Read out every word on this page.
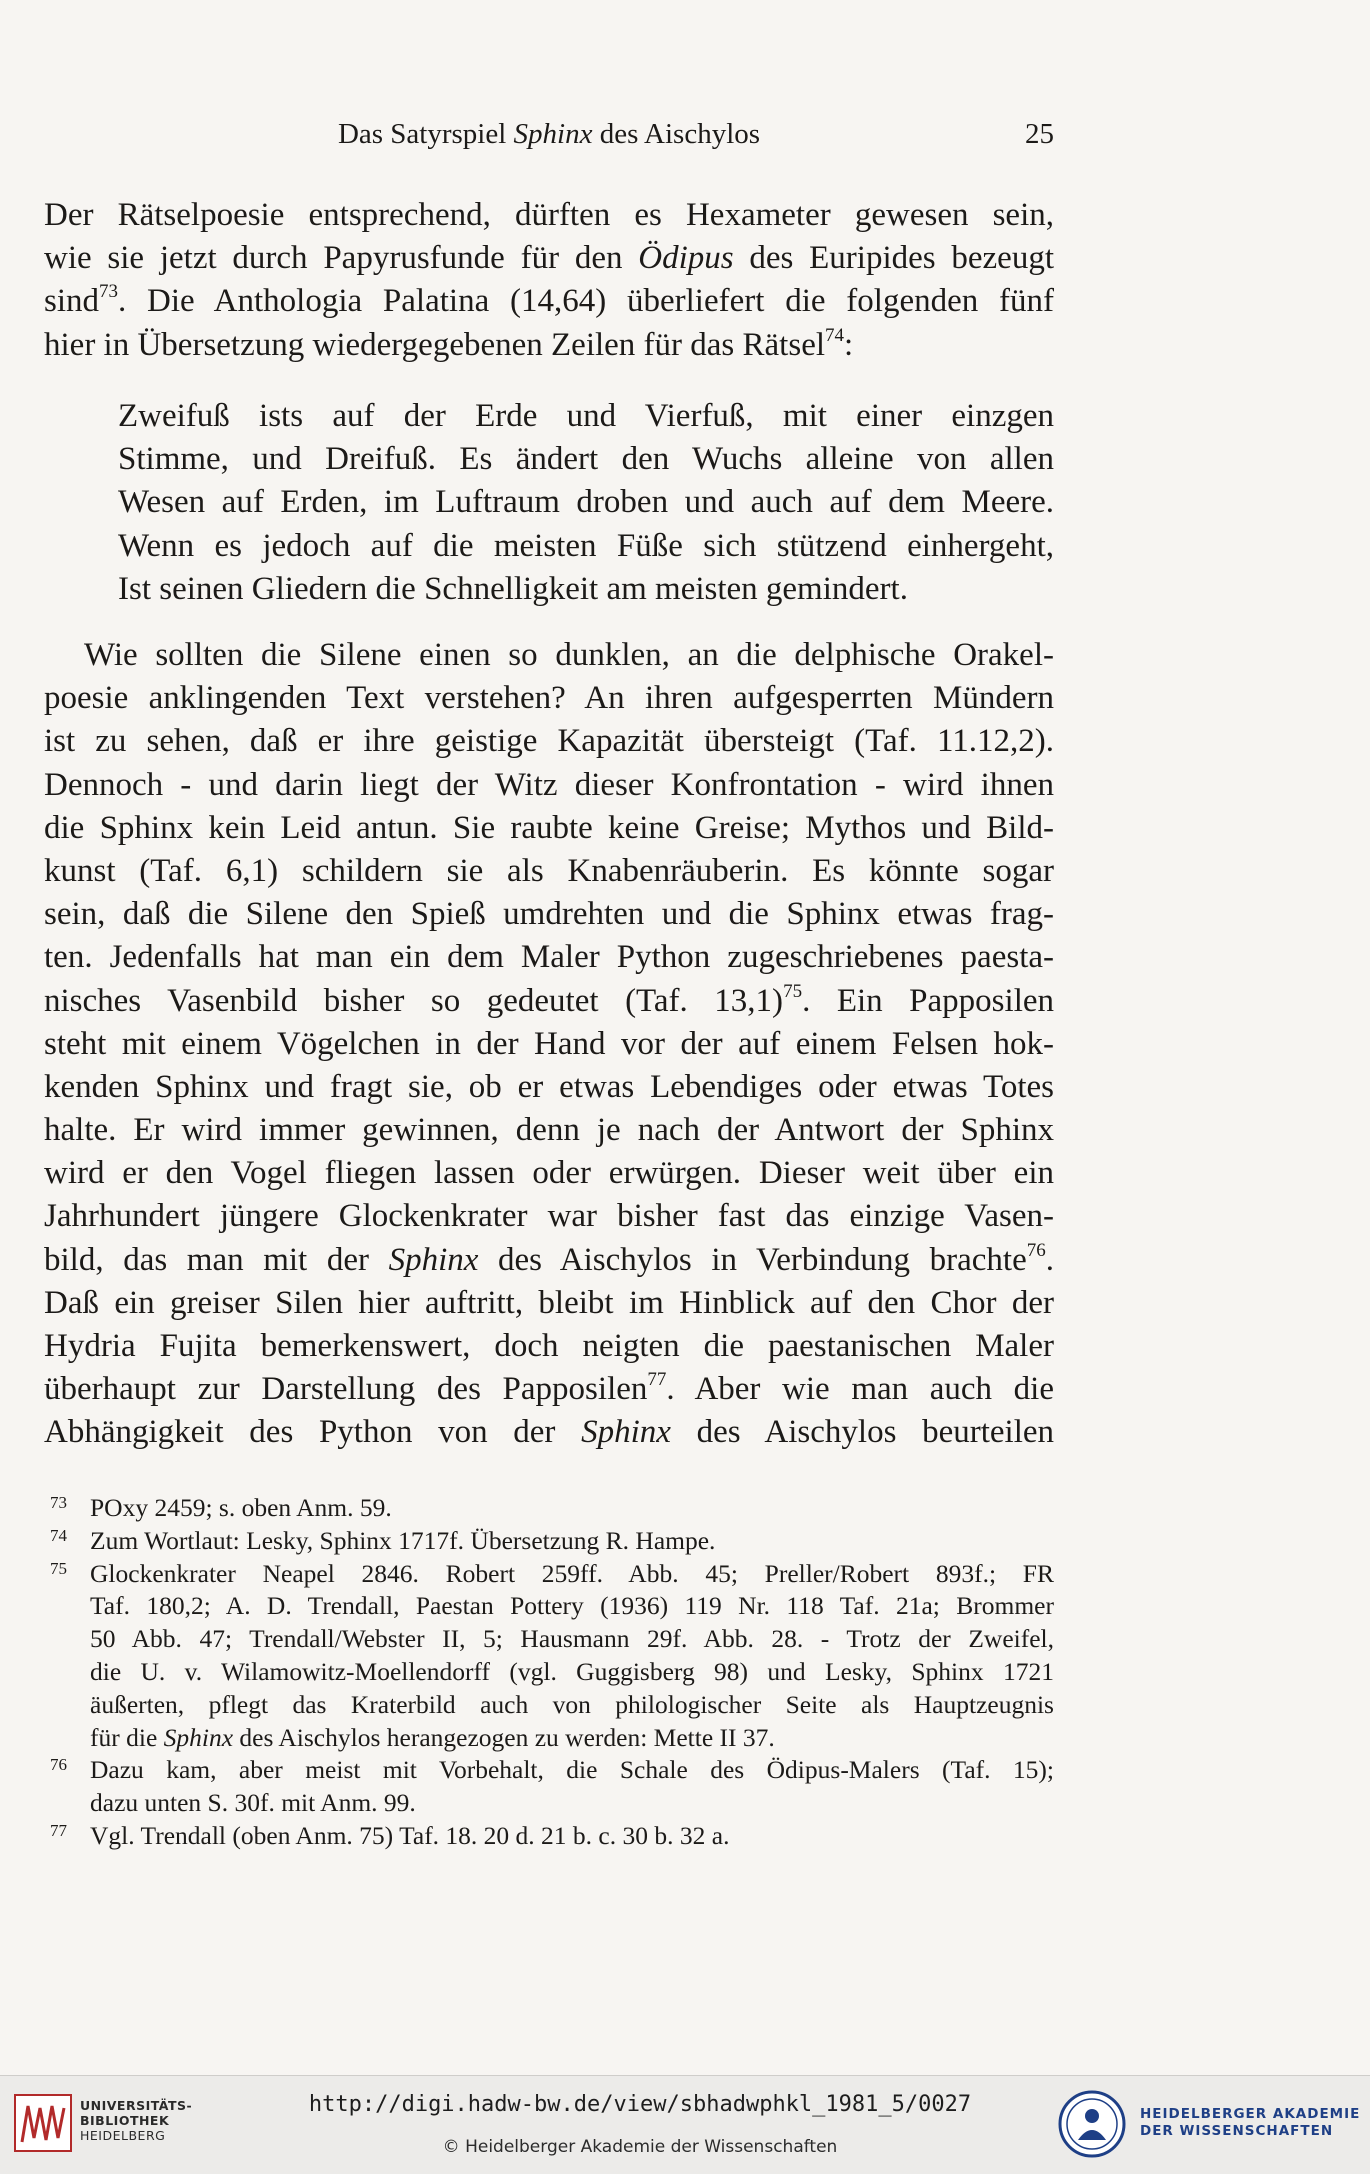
Das Satyrspiel Sphinx des Aischylos	25
Der Rätselpoesie entsprechend, dürften es Hexameter gewesen sein,
wie sie jetzt durch Papyrusfunde für den Ödipus des Euripides bezeugt
sind$^{73}$. Die Anthologia Palatina (14,64) überliefert die folgenden fünf
hier in Übersetzung wiedergegebenen Zeilen für das Rätsel$^{74}$:
Zweifuß ists auf der Erde und Vierfuß, mit einer einzgen
Stimme, und Dreifuß. Es ändert den Wuchs alleine von allen
Wesen auf Erden, im Luftraum droben und auch auf dem Meere.
Wenn es jedoch auf die meisten Füße sich stützend einhergeht,
Ist seinen Gliedern die Schnelligkeit am meisten gemindert.
Wie sollten die Silene einen so dunklen, an die delphische Orakel-
poesie anklingenden Text verstehen? An ihren aufgesperrten Mündern
ist zu sehen, daß er ihre geistige Kapazität übersteigt (Taf. 11.12,2).
Dennoch - und darin liegt der Witz dieser Konfrontation - wird ihnen
die Sphinx kein Leid antun. Sie raubte keine Greise; Mythos und Bild-
kunst (Taf. 6,1) schildern sie als Knabenräuberin. Es könnte sogar
sein, daß die Silene den Spieß umdrehten und die Sphinx etwas frag-
ten. Jedenfalls hat man ein dem Maler Python zugeschriebenes paesta-
nisches Vasenbild bisher so gedeutet (Taf. 13,1)$^{75}$. Ein Papposilen
steht mit einem Vögelchen in der Hand vor der auf einem Felsen hok-
kenden Sphinx und fragt sie, ob er etwas Lebendiges oder etwas Totes
halte. Er wird immer gewinnen, denn je nach der Antwort der Sphinx
wird er den Vogel fliegen lassen oder erwürgen. Dieser weit über ein
Jahrhundert jüngere Glockenkrater war bisher fast das einzige Vasen-
bild, das man mit der Sphinx des Aischylos in Verbindung brachte$^{76}$.
Daß ein greiser Silen hier auftritt, bleibt im Hinblick auf den Chor der
Hydria Fujita bemerkenswert, doch neigten die paestanischen Maler
überhaupt zur Darstellung des Papposilen$^{77}$. Aber wie man auch die
Abhängigkeit des Python von der Sphinx des Aischylos beurteilen
73 POxy 2459; s. oben Anm. 59.
74 Zum Wortlaut: Lesky, Sphinx 1717f. Übersetzung R. Hampe.
75 Glockenkrater Neapel 2846. Robert 259ff. Abb. 45; Preller/Robert 893f.; FR
Taf. 180,2; A. D. Trendall, Paestan Pottery (1936) 119 Nr. 118 Taf. 21a; Brommer
50 Abb. 47; Trendall/Webster II, 5; Hausmann 29f. Abb. 28. - Trotz der Zweifel,
die U. v. Wilamowitz-Moellendorff (vgl. Guggisberg 98) und Lesky, Sphinx 1721
äußerten, pflegt das Kraterbild auch von philologischer Seite als Hauptzeugnis
für die Sphinx des Aischylos herangezogen zu werden: Mette II 37.
76 Dazu kam, aber meist mit Vorbehalt, die Schale des Ödipus-Malers (Taf. 15);
dazu unten S. 30f. mit Anm. 99.
77 Vgl. Trendall (oben Anm. 75) Taf. 18. 20 d. 21 b. c. 30 b. 32 a.
UNIVERSITÄTS-
BIBLIOTHEK
HEIDELBERG
http://digi.hadw-bw.de/view/sbhadwphkl_1981_5/0027
© Heidelberger Akademie der Wissenschaften
HEIDELBERGER AKADEMIE
DER WISSENSCHAFTEN
